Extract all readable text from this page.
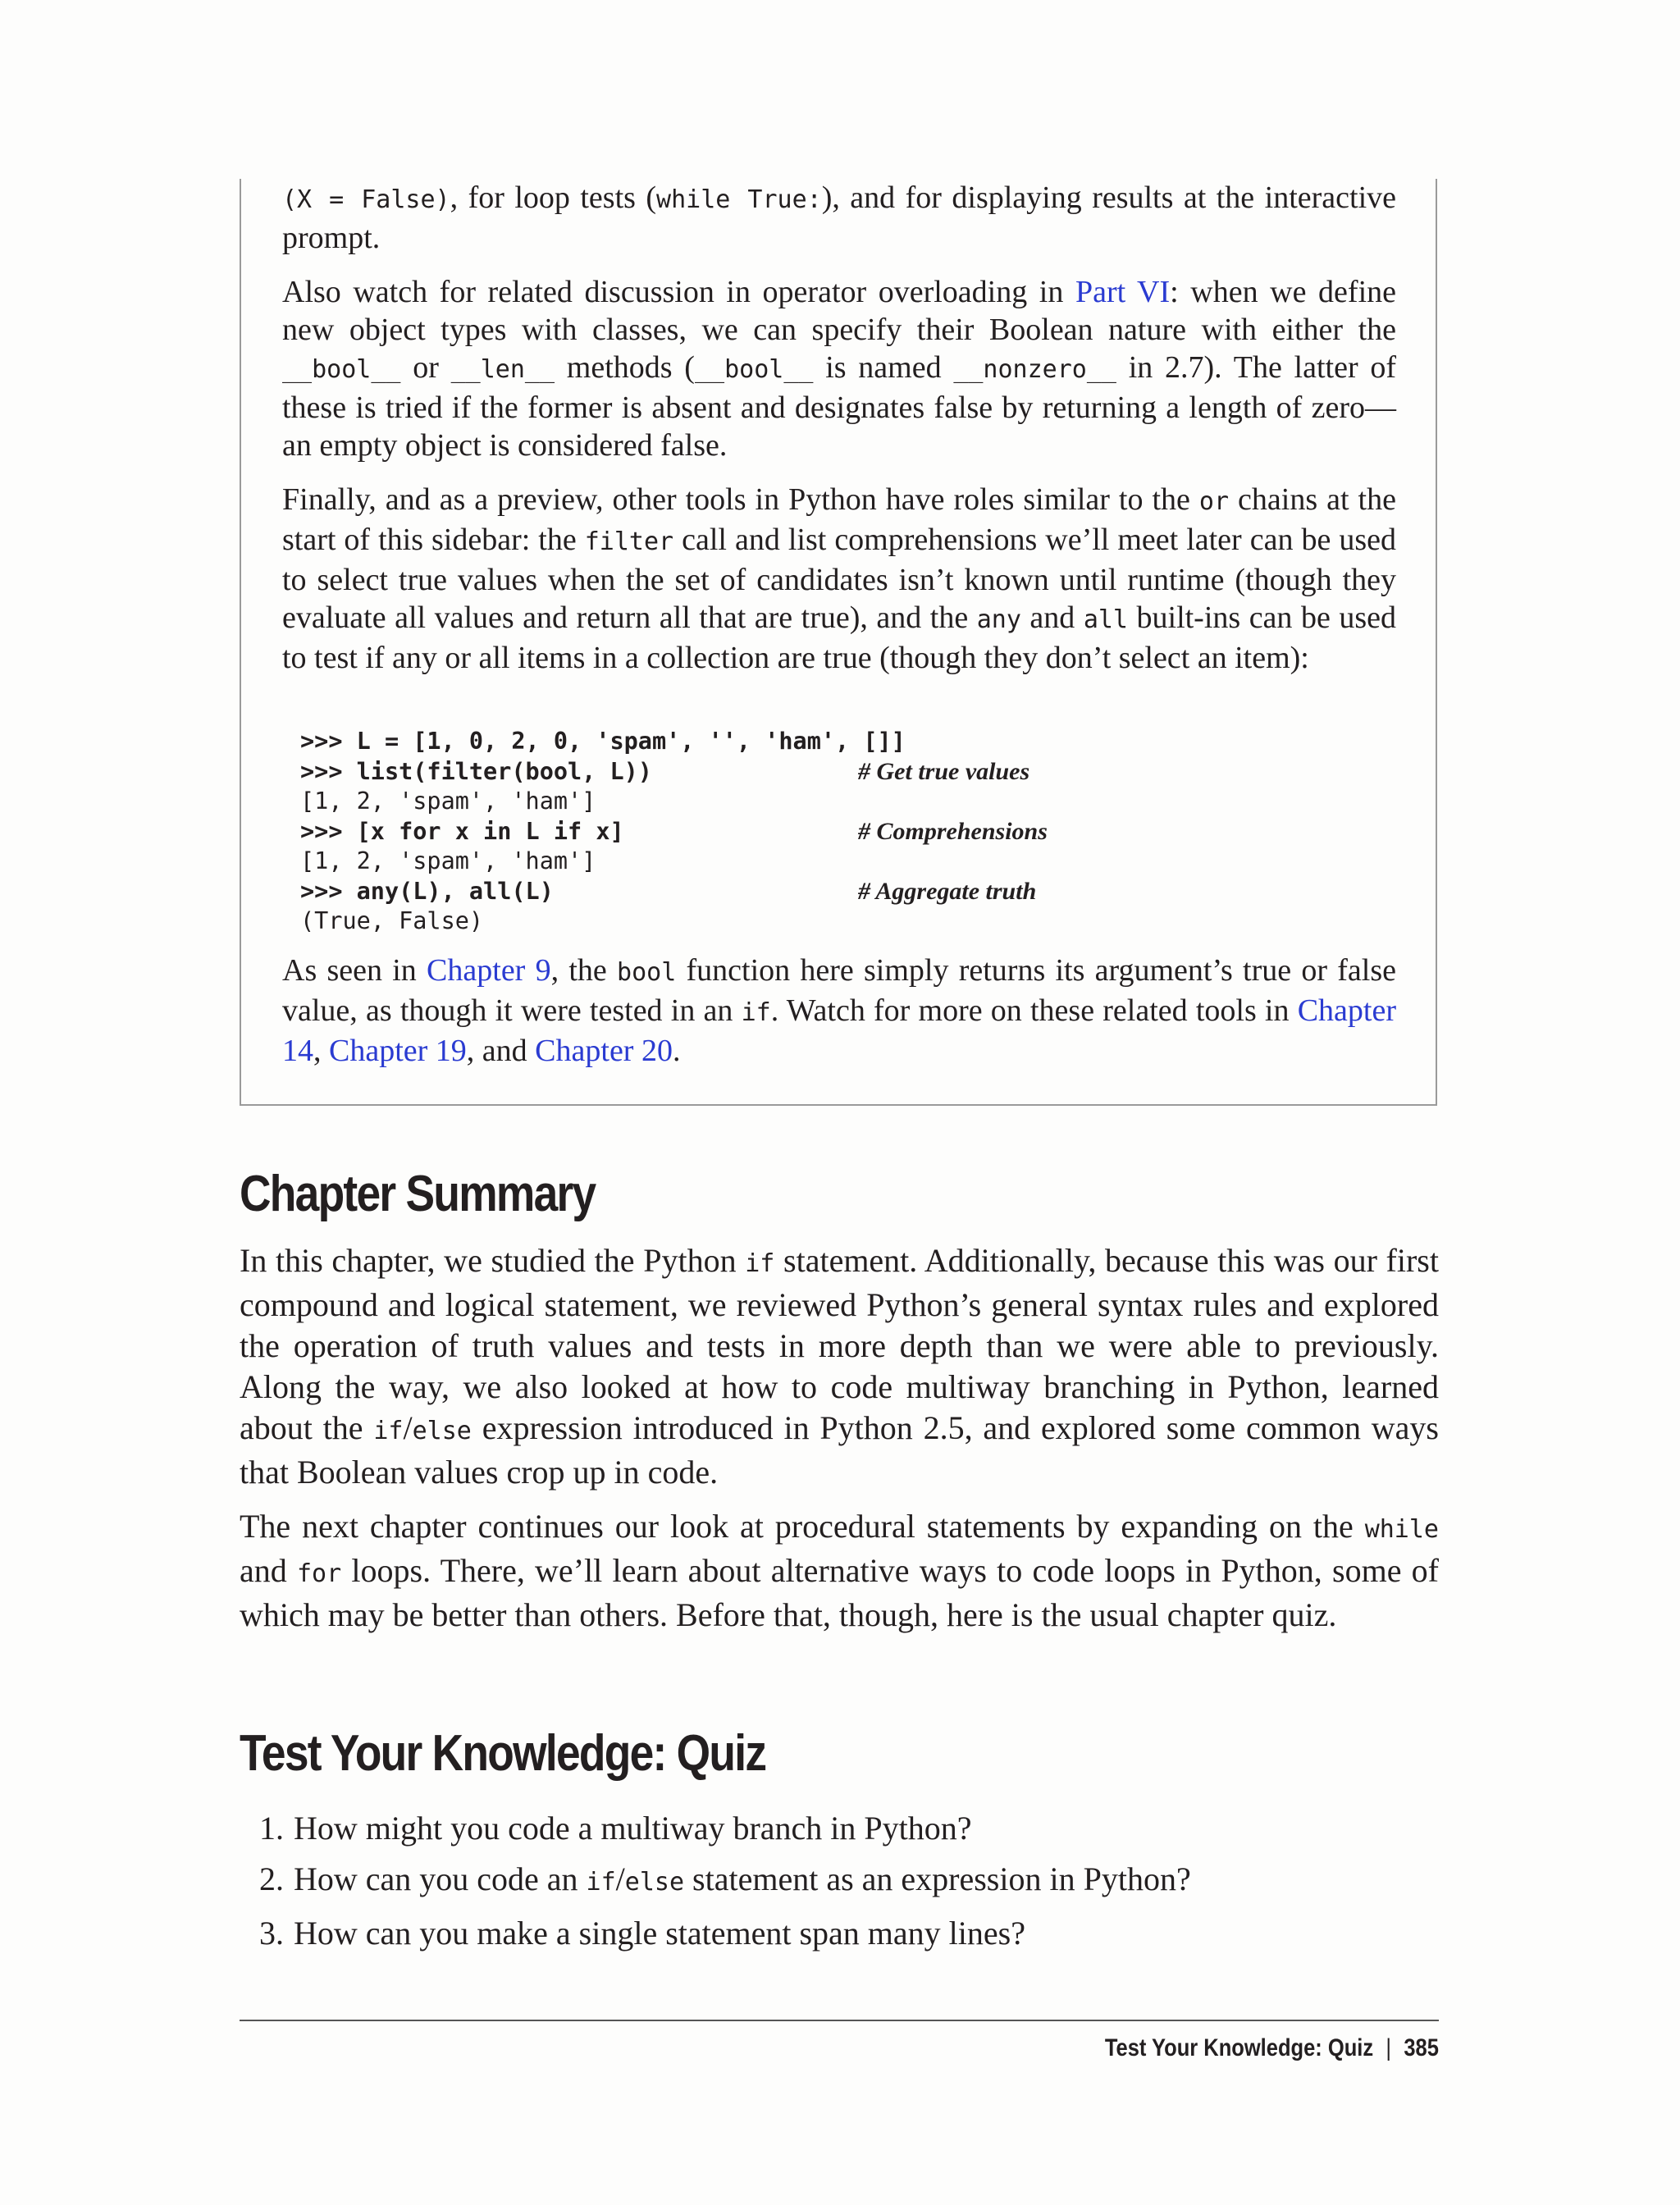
(X = False), for loop tests (while True:), and for displaying results at the interactive prompt.

Also watch for related discussion in operator overloading in Part VI: when we define new object types with classes, we can specify their Boolean nature with either the __bool__ or __len__ methods (__bool__ is named __nonzero__ in 2.7). The latter of these is tried if the former is absent and designates false by returning a length of zero—an empty object is considered false.

Finally, and as a preview, other tools in Python have roles similar to the or chains at the start of this sidebar: the filter call and list comprehensions we’ll meet later can be used to select true values when the set of candidates isn’t known until runtime (though they evaluate all values and return all that are true), and the any and all built-ins can be used to test if any or all items in a collection are true (though they don’t select an item):

>>> L = [1, 0, 2, 0, 'spam', '', 'ham', []]
>>> list(filter(bool, L))	# Get true values
[1, 2, 'spam', 'ham']
>>> [x for x in L if x]	# Comprehensions
[1, 2, 'spam', 'ham']
>>> any(L), all(L)	# Aggregate truth
(True, False)

As seen in Chapter 9, the bool function here simply returns its argument’s true or false value, as though it were tested in an if. Watch for more on these related tools in Chapter 14, Chapter 19, and Chapter 20.

Chapter Summary

In this chapter, we studied the Python if statement. Additionally, because this was our first compound and logical statement, we reviewed Python’s general syntax rules and explored the operation of truth values and tests in more depth than we were able to previously. Along the way, we also looked at how to code multiway branching in Python, learned about the if/else expression introduced in Python 2.5, and explored some common ways that Boolean values crop up in code.

The next chapter continues our look at procedural statements by expanding on the while and for loops. There, we’ll learn about alternative ways to code loops in Python, some of which may be better than others. Before that, though, here is the usual chapter quiz.

Test Your Knowledge: Quiz
1. How might you code a multiway branch in Python?
2. How can you code an if/else statement as an expression in Python?
3. How can you make a single statement span many lines?
Test Your Knowledge: Quiz | 385
